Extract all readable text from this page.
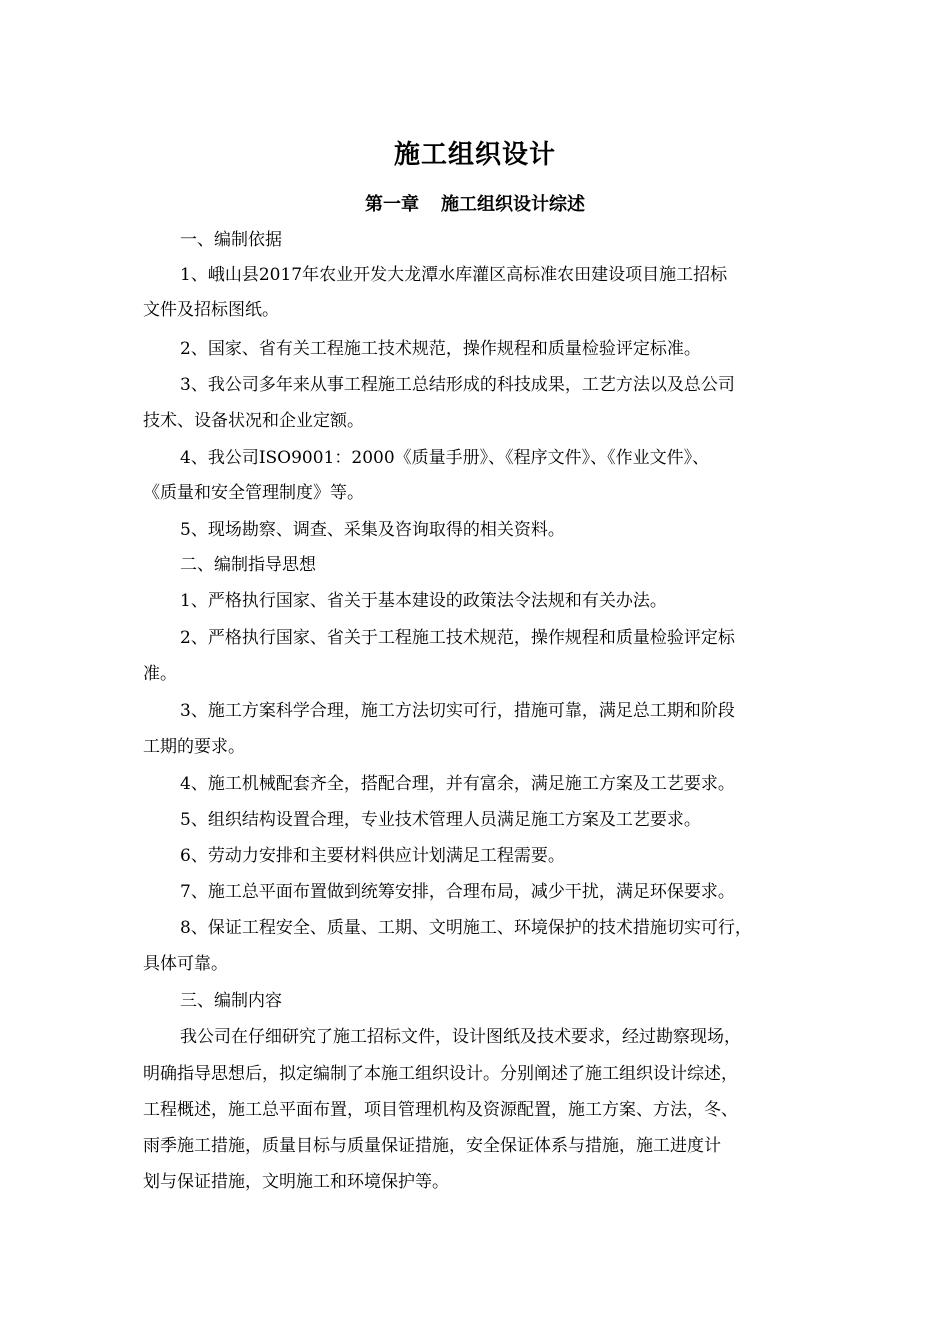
施工组织设计
第一章 施工组织设计综述
一、编制依据
1、峨山县2017年农业开发大龙潭水库灌区高标准农田建设项目施工招标
文件及招标图纸。
2、国家、省有关工程施工技术规范，操作规程和质量检验评定标准。
3、我公司多年来从事工程施工总结形成的科技成果，工艺方法以及总公司
技术、设备状况和企业定额。
4、我公司ISO9001：2000《质量手册》、《程序文件》、《作业文件》、
《质量和安全管理制度》等。
5、现场勘察、调查、采集及咨询取得的相关资料。
二、编制指导思想
1、严格执行国家、省关于基本建设的政策法令法规和有关办法。
2、严格执行国家、省关于工程施工技术规范，操作规程和质量检验评定标
准。
3、施工方案科学合理，施工方法切实可行，措施可靠，满足总工期和阶段
工期的要求。
4、施工机械配套齐全，搭配合理，并有富余，满足施工方案及工艺要求。
5、组织结构设置合理，专业技术管理人员满足施工方案及工艺要求。
6、劳动力安排和主要材料供应计划满足工程需要。
7、施工总平面布置做到统筹安排，合理布局，减少干扰，满足环保要求。
8、保证工程安全、质量、工期、文明施工、环境保护的技术措施切实可行，
具体可靠。
三、编制内容
我公司在仔细研究了施工招标文件，设计图纸及技术要求，经过勘察现场，
明确指导思想后，拟定编制了本施工组织设计。分别阐述了施工组织设计综述，
工程概述，施工总平面布置，项目管理机构及资源配置，施工方案、方法，冬、
雨季施工措施，质量目标与质量保证措施，安全保证体系与措施，施工进度计
划与保证措施，文明施工和环境保护等。
